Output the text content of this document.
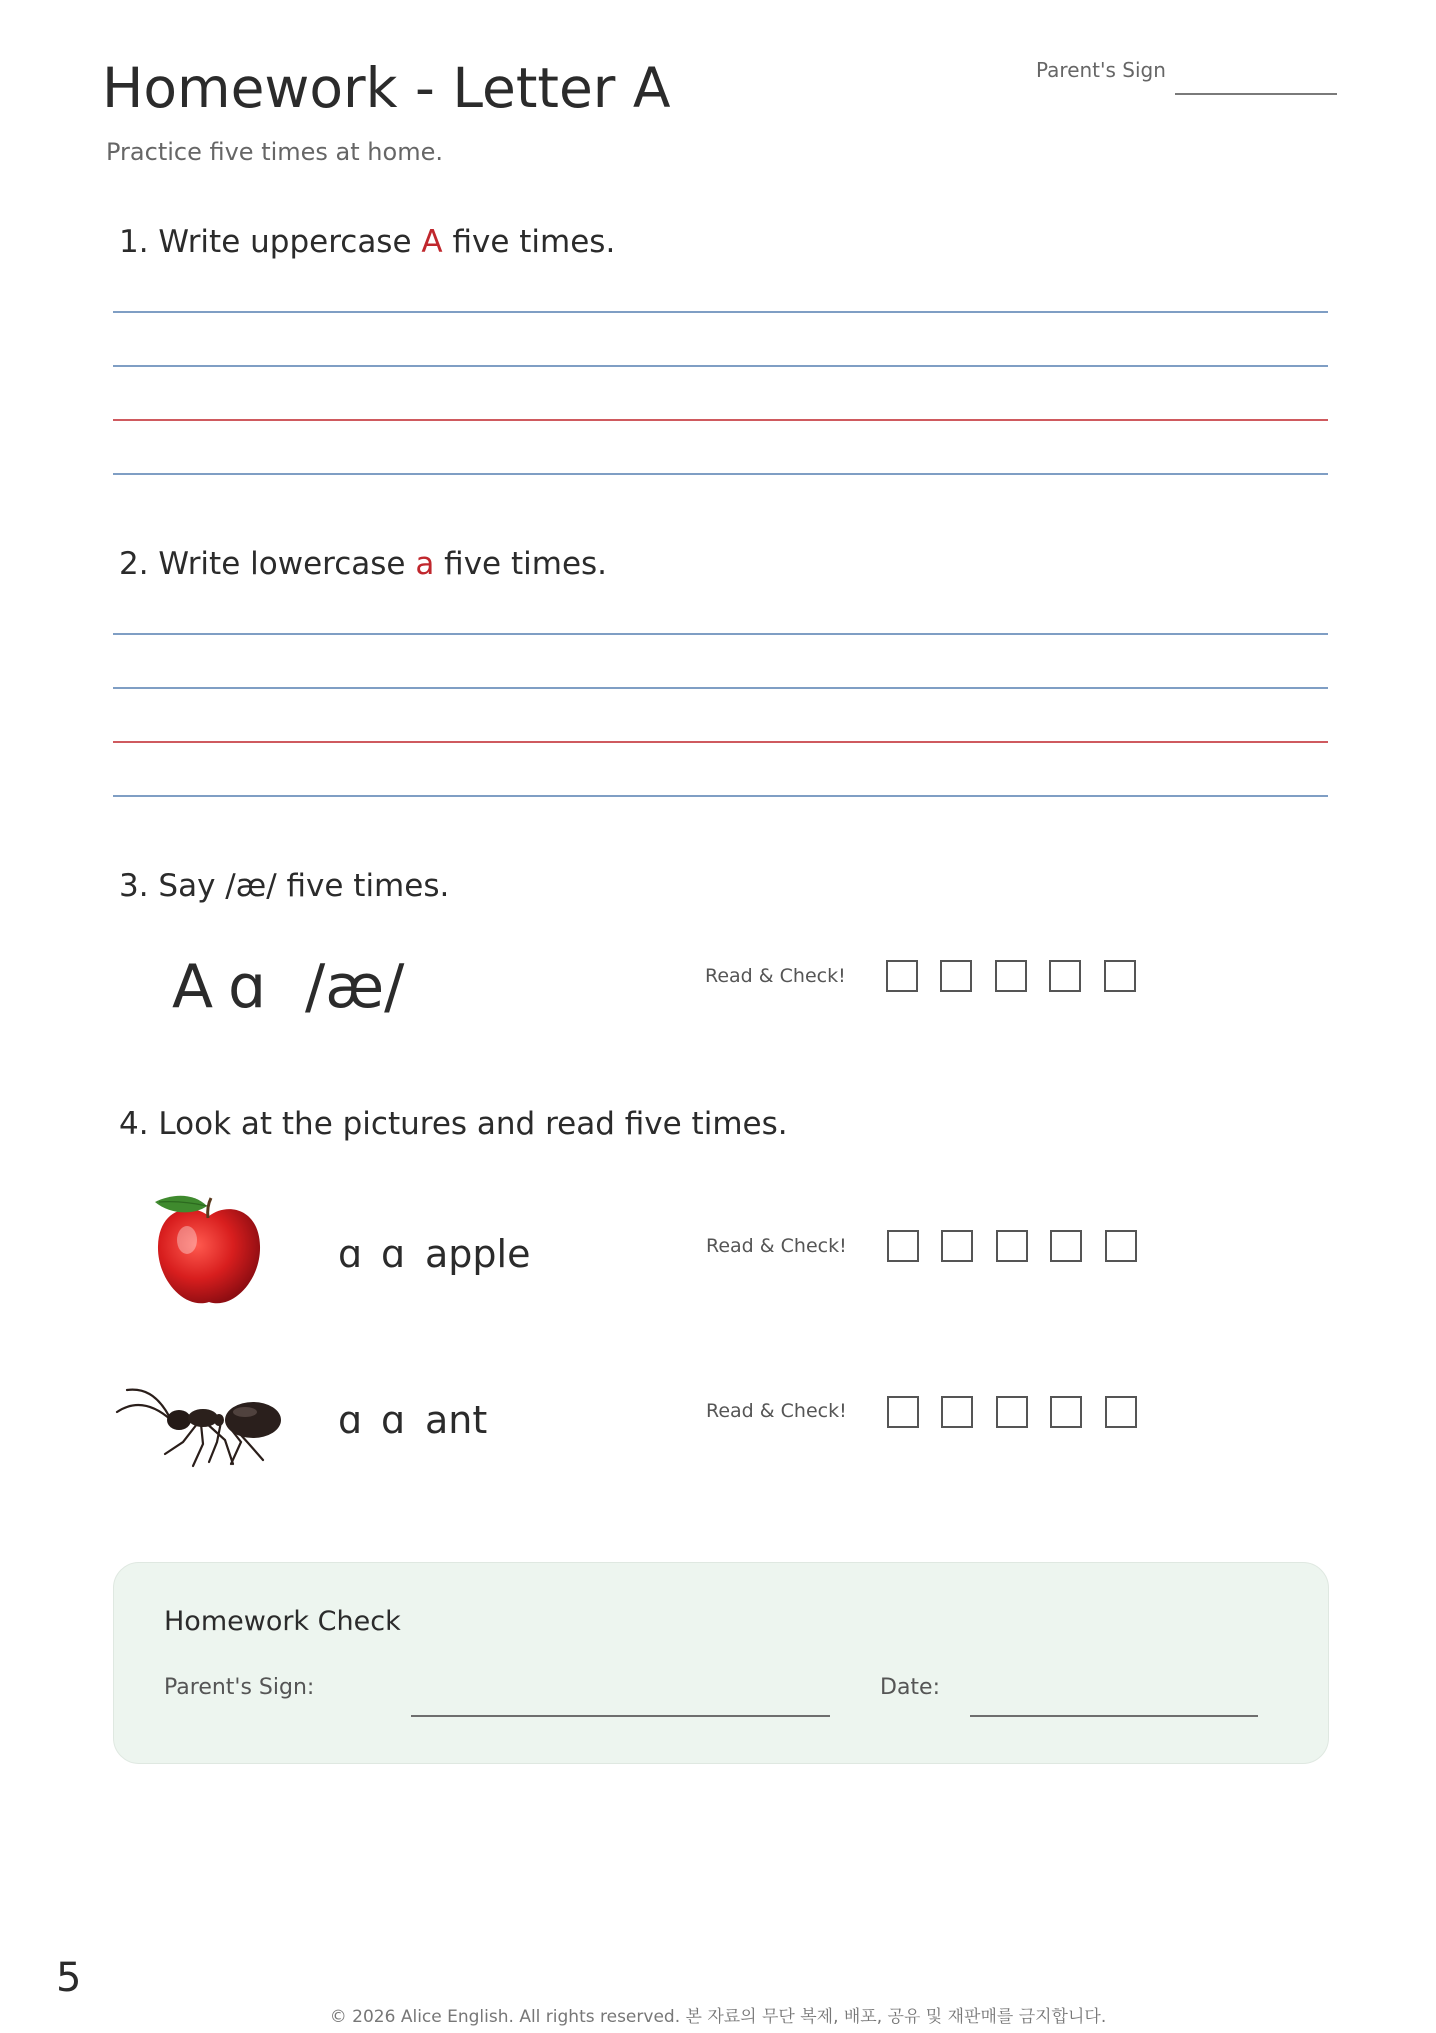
Homework - Letter A
Practice five times at home.
Parent's Sign
1. Write uppercase A five times.
2. Write lowercase a five times.
3. Say /æ/ five times.
A ɑ /æ/	Read & Check!
4. Look at the pictures and read five times.
ɑ ɑ apple	Read & Check!
ɑ ɑ ant	Read & Check!
Homework Check
Parent's Sign:	Date:
5
© 2026 Alice English. All rights reserved. 본 자료의 무단 복제, 배포, 공유 및 재판매를 금지합니다.
